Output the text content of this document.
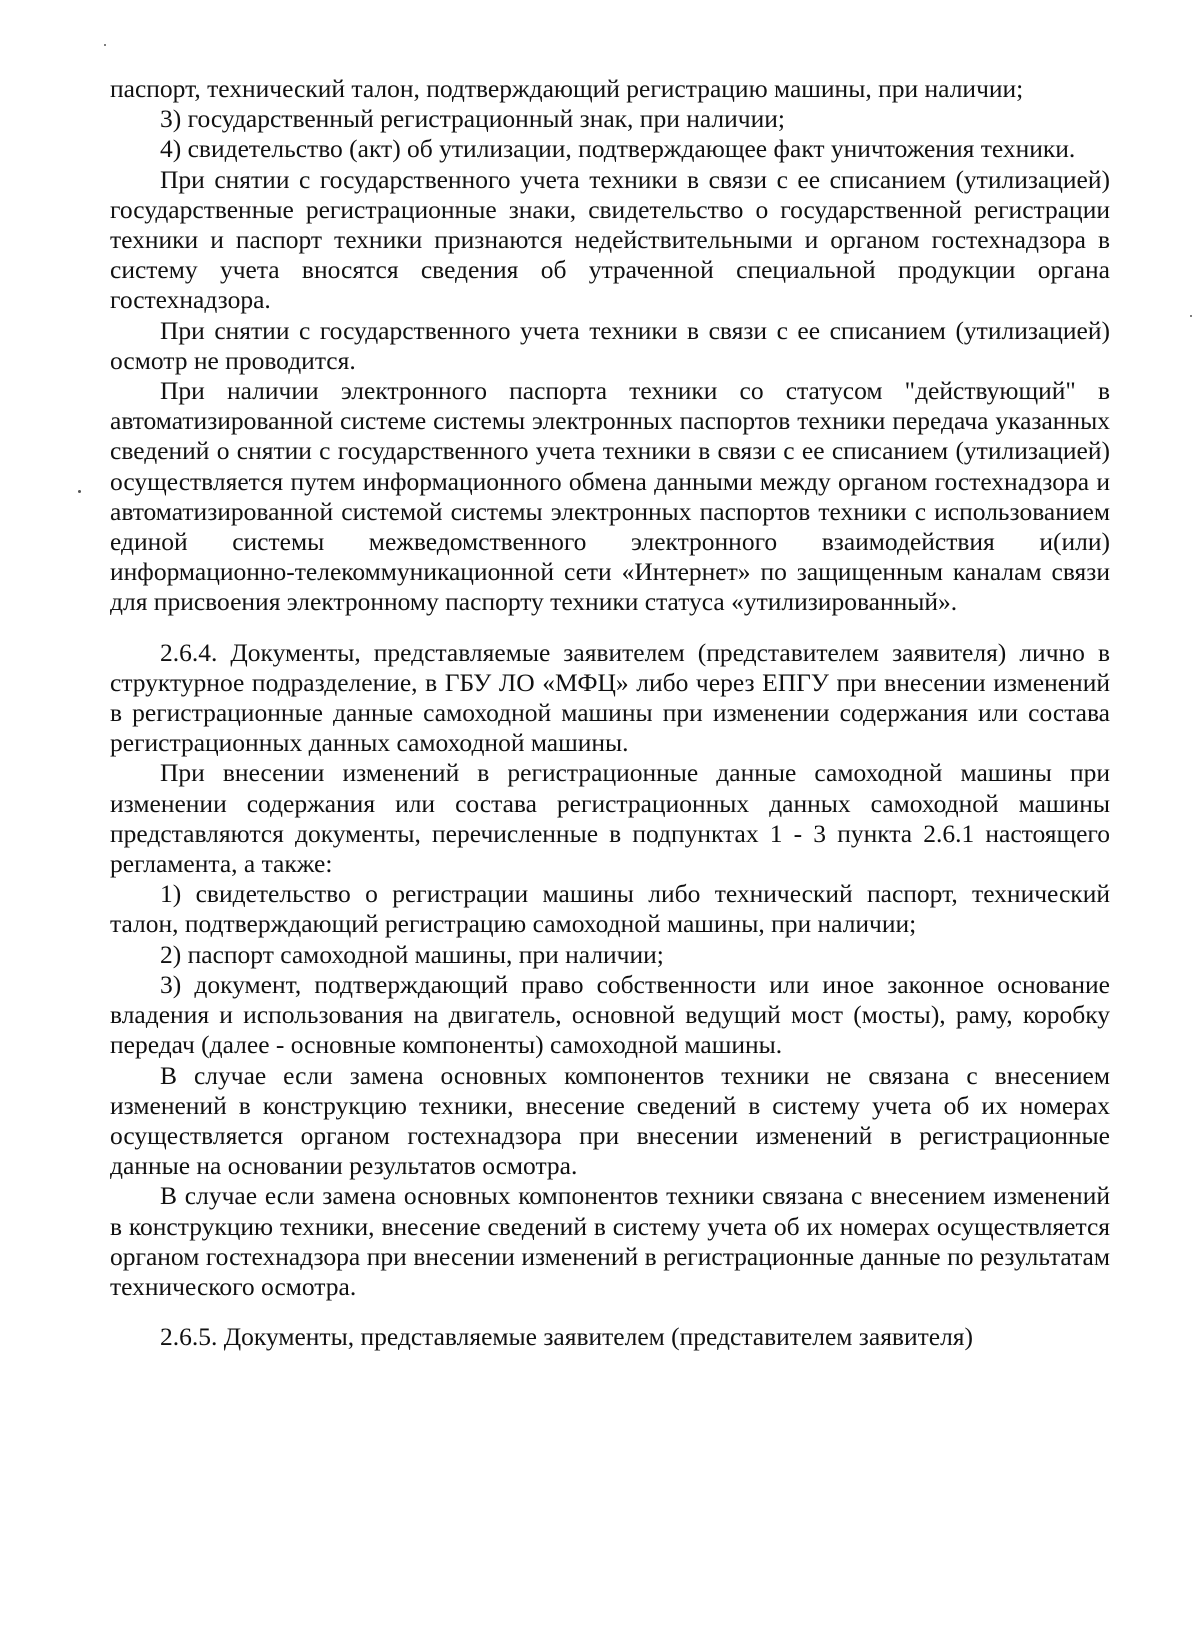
паспорт, технический талон, подтверждающий регистрацию машины, при наличии;

3) государственный регистрационный знак, при наличии;

4) свидетельство (акт) об утилизации, подтверждающее факт уничтожения техники.

При снятии с государственного учета техники в связи с ее списанием (утилизацией) государственные регистрационные знаки, свидетельство о государственной регистрации техники и паспорт техники признаются недействительными и органом гостехнадзора в систему учета вносятся сведения об утраченной специальной продукции органа гостехнадзора.

При снятии с государственного учета техники в связи с ее списанием (утилизацией) осмотр не проводится.

При наличии электронного паспорта техники со статусом "действующий" в автоматизированной системе системы электронных паспортов техники передача указанных сведений о снятии с государственного учета техники в связи с ее списанием (утилизацией) осуществляется путем информационного обмена данными между органом гостехнадзора и автоматизированной системой системы электронных паспортов техники с использованием единой системы межведомственного электронного взаимодействия и(или) информационно-телекоммуникационной сети «Интернет» по защищенным каналам связи для присвоения электронному паспорту техники статуса «утилизированный».

2.6.4. Документы, представляемые заявителем (представителем заявителя) лично в структурное подразделение, в ГБУ ЛО «МФЦ» либо через ЕПГУ при внесении изменений в регистрационные данные самоходной машины при изменении содержания или состава регистрационных данных самоходной машины.

При внесении изменений в регистрационные данные самоходной машины при изменении содержания или состава регистрационных данных самоходной машины представляются документы, перечисленные в подпунктах 1 - 3 пункта 2.6.1 настоящего регламента, а также:

1) свидетельство о регистрации машины либо технический паспорт, технический талон, подтверждающий регистрацию самоходной машины, при наличии;

2) паспорт самоходной машины, при наличии;

3) документ, подтверждающий право собственности или иное законное основание владения и использования на двигатель, основной ведущий мост (мосты), раму, коробку передач (далее - основные компоненты) самоходной машины.

В случае если замена основных компонентов техники не связана с внесением изменений в конструкцию техники, внесение сведений в систему учета об их номерах осуществляется органом гостехнадзора при внесении изменений в регистрационные данные на основании результатов осмотра.

В случае если замена основных компонентов техники связана с внесением изменений в конструкцию техники, внесение сведений в систему учета об их номерах осуществляется органом гостехнадзора при внесении изменений в регистрационные данные по результатам технического осмотра.

2.6.5. Документы, представляемые заявителем (представителем заявителя)
